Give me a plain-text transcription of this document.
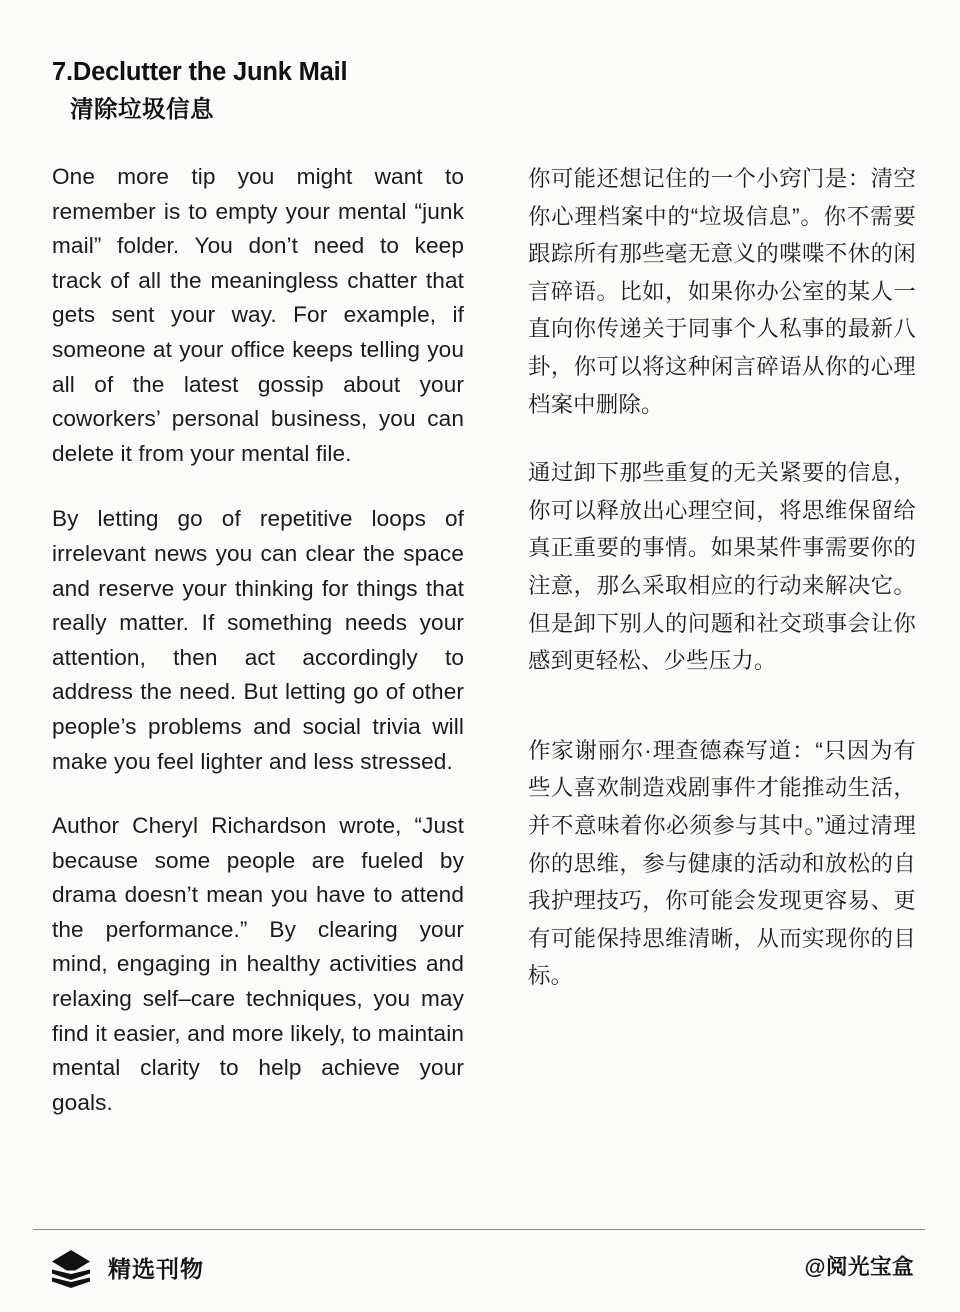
7.Declutter the Junk Mail
清除垃圾信息

One more tip you might want to remember is to empty your mental “junk mail” folder. You don’t need to keep track of all the meaningless chatter that gets sent your way. For example, if someone at your office keeps telling you all of the latest gossip about your coworkers’ personal business, you can delete it from your mental file.

By letting go of repetitive loops of irrelevant news you can clear the space and reserve your thinking for things that really matter. If something needs your attention, then act accordingly to address the need. But letting go of other people’s problems and social trivia will make you feel lighter and less stressed.

Author Cheryl Richardson wrote, “Just because some people are fueled by drama doesn’t mean you have to attend the performance.” By clearing your mind, engaging in healthy activities and relaxing self–care techniques, you may find it easier, and more likely, to maintain mental clarity to help achieve your goals.

你可能还想记住的一个小窍门是：清空你心理档案中的“垃圾信息”。你不需要跟踪所有那些毫无意义的喋喋不休的闲言碎语。比如，如果你办公室的某人一直向你传递关于同事个人私事的最新八卦，你可以将这种闲言碎语从你的心理档案中删除。

通过卸下那些重复的无关紧要的信息，你可以释放出心理空间，将思维保留给真正重要的事情。如果某件事需要你的注意，那么采取相应的行动来解决它。但是卸下别人的问题和社交琐事会让你感到更轻松、少些压力。

作家谢丽尔·理查德森写道：“只因为有些人喜欢制造戏剧事件才能推动生活，并不意味着你必须参与其中。”通过清理你的思维，参与健康的活动和放松的自我护理技巧，你可能会发现更容易、更有可能保持思维清晰，从而实现你的目标。

精选刊物	@阅光宝盒
